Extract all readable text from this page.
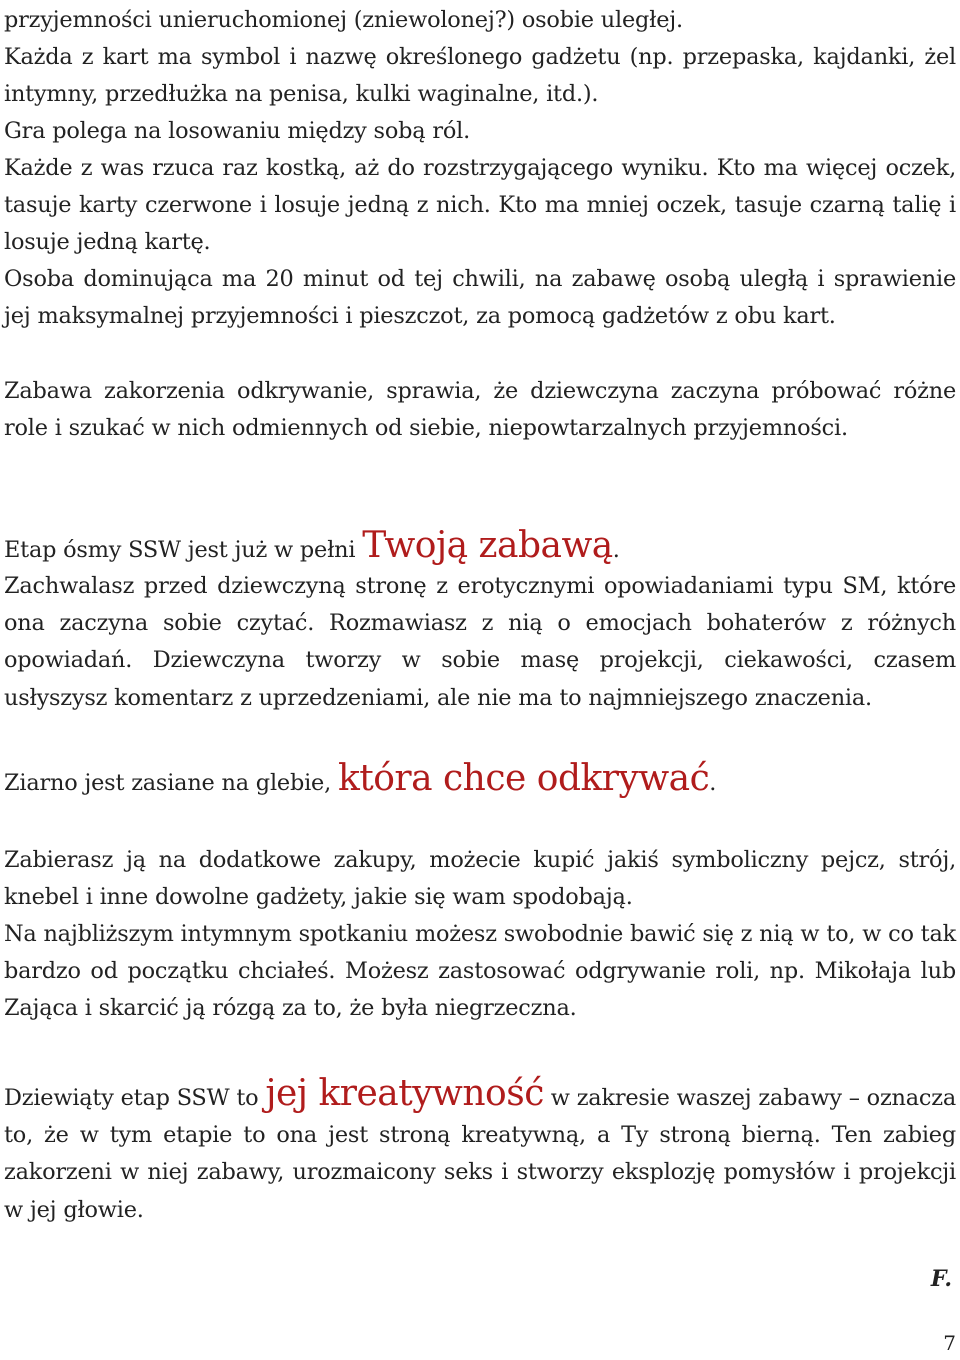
przyjemności unieruchomionej (zniewolonej?) osobie uległej.

Każda z kart ma symbol i nazwę określonego gadżetu (np. przepaska, kajdanki, żel intymny, przedłużka na penisa, kulki waginalne, itd.).

Gra polega na losowaniu między sobą ról.

Każde z was rzuca raz kostką, aż do rozstrzygającego wyniku. Kto ma więcej oczek, tasuje karty czerwone i losuje jedną z nich. Kto ma mniej oczek, tasuje czarną talię i losuje jedną kartę.

Osoba dominująca ma 20 minut od tej chwili, na zabawę osobą uległą i sprawienie jej maksymalnej przyjemności i pieszczot, za pomocą gadżetów z obu kart.

Zabawa zakorzenia odkrywanie, sprawia, że dziewczyna zaczyna próbować różne role i szukać w nich odmiennych od siebie, niepowtarzalnych przyjemności.

Etap ósmy SSW jest już w pełni Twoją zabawą.

Zachwalasz przed dziewczyną stronę z erotycznymi opowiadaniami typu SM, które ona zaczyna sobie czytać. Rozmawiasz z nią o emocjach bohaterów z różnych opowiadań. Dziewczyna tworzy w sobie masę projekcji, ciekawości, czasem usłyszysz komentarz z uprzedzeniami, ale nie ma to najmniejszego znaczenia.

Ziarno jest zasiane na glebie, która chce odkrywać.

Zabierasz ją na dodatkowe zakupy, możecie kupić jakiś symboliczny pejcz, strój, knebel i inne dowolne gadżety, jakie się wam spodobają.

Na najbliższym intymnym spotkaniu możesz swobodnie bawić się z nią w to, w co tak bardzo od początku chciałeś. Możesz zastosować odgrywanie roli, np. Mikołaja lub Zająca i skarcić ją rózgą za to, że była niegrzeczna.

Dziewiąty etap SSW to jej kreatywność w zakresie waszej zabawy – oznacza to, że w tym etapie to ona jest stroną kreatywną, a Ty stroną bierną. Ten zabieg zakorzeni w niej zabawy, urozmaicony seks i stworzy eksplozję pomysłów i projekcji w jej głowie.

F.
7
